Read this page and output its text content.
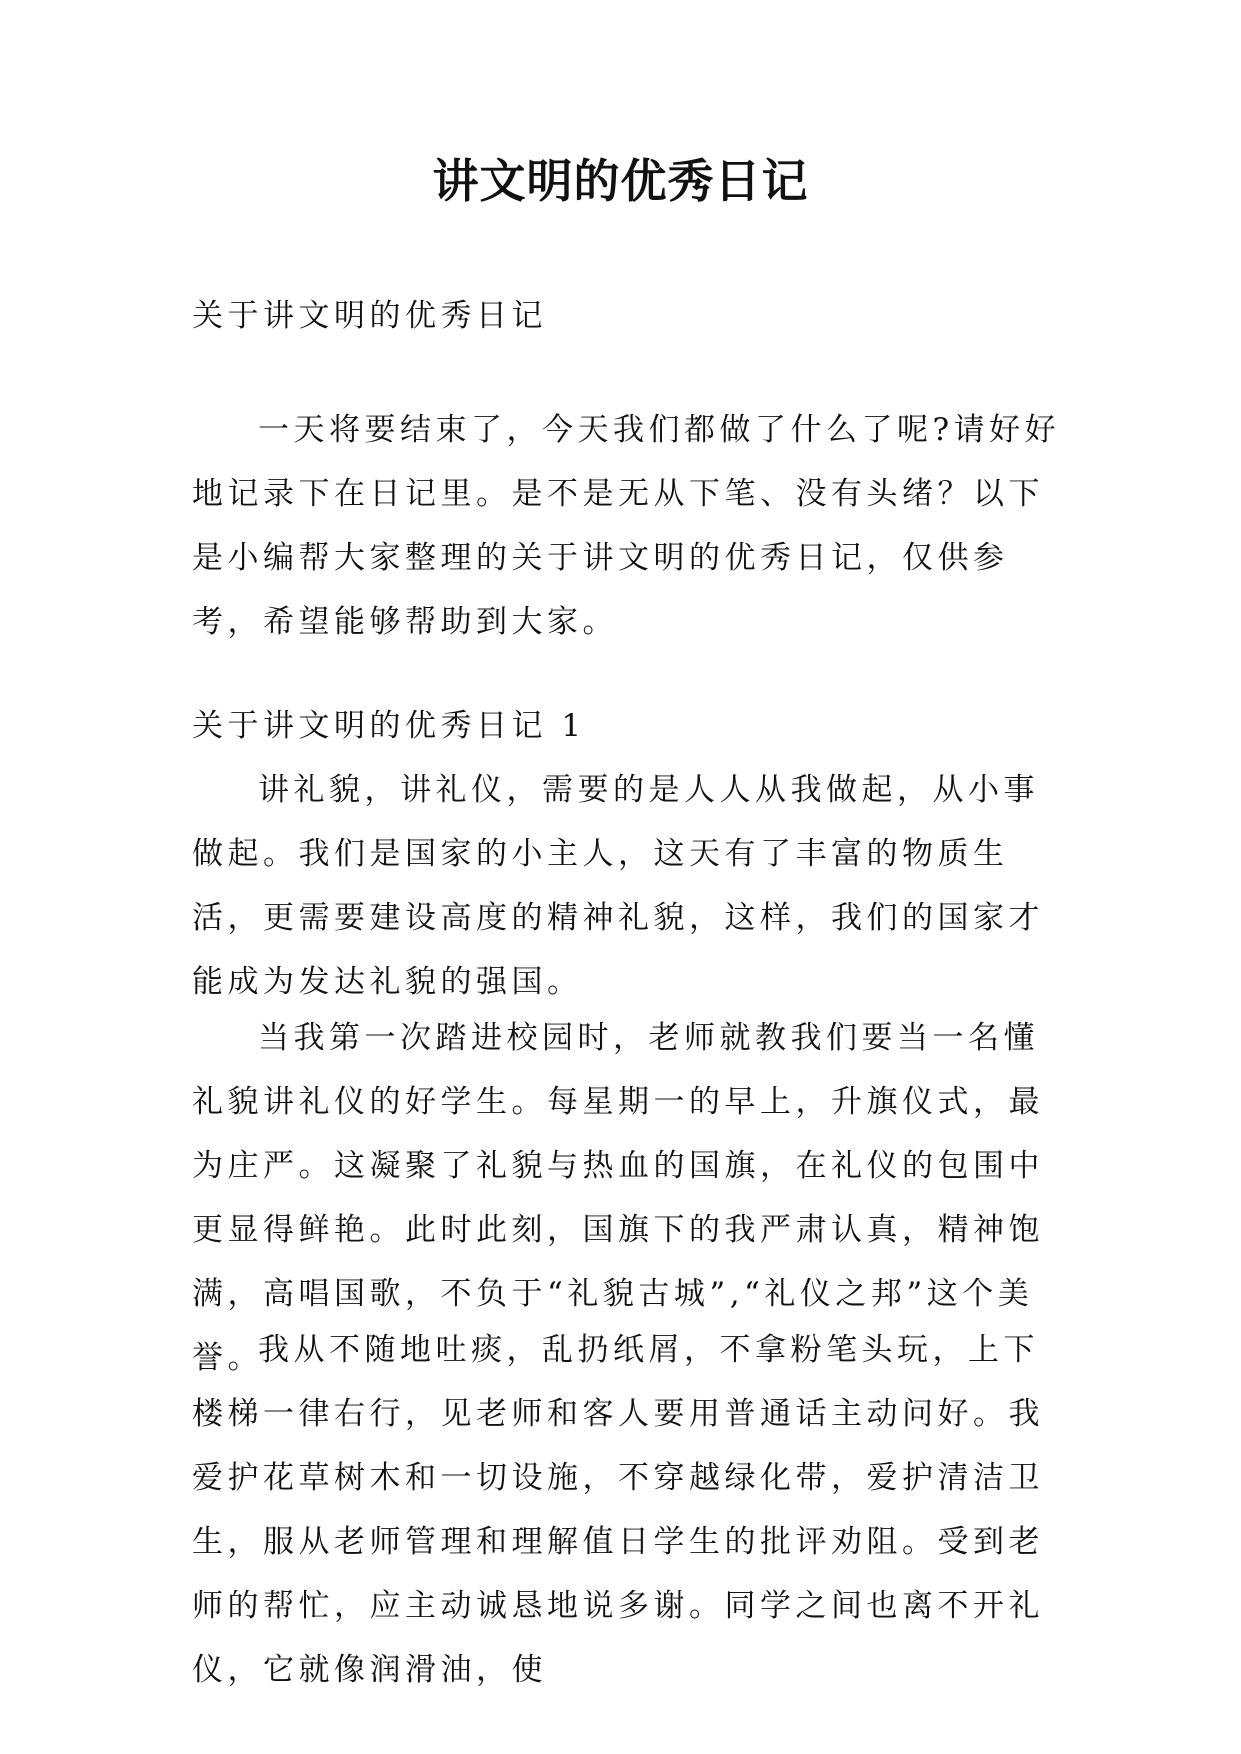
讲文明的优秀日记

关于讲文明的优秀日记

一天将要结束了，今天我们都做了什么了呢?请好好地记录下在日记里。是不是无从下笔、没有头绪？以下是小编帮大家整理的关于讲文明的优秀日记，仅供参考，希望能够帮助到大家。

关于讲文明的优秀日记 1

讲礼貌，讲礼仪，需要的是人人从我做起，从小事做起。我们是国家的小主人，这天有了丰富的物质生活，更需要建设高度的精神礼貌，这样，我们的国家才能成为发达礼貌的强国。

当我第一次踏进校园时，老师就教我们要当一名懂礼貌讲礼仪的好学生。每星期一的早上，升旗仪式，最为庄严。这凝聚了礼貌与热血的国旗，在礼仪的包围中更显得鲜艳。此时此刻，国旗下的我严肃认真，精神饱满，高唱国歌，不负于“礼貌古城”,“礼仪之邦”这个美誉。

我从不随地吐痰，乱扔纸屑，不拿粉笔头玩，上下楼梯一律右行，见老师和客人要用普通话主动问好。我爱护花草树木和一切设施，不穿越绿化带，爱护清洁卫生，服从老师管理和理解值日学生的批评劝阻。受到老师的帮忙，应主动诚恳地说多谢。同学之间也离不开礼仪，它就像润滑油，使
